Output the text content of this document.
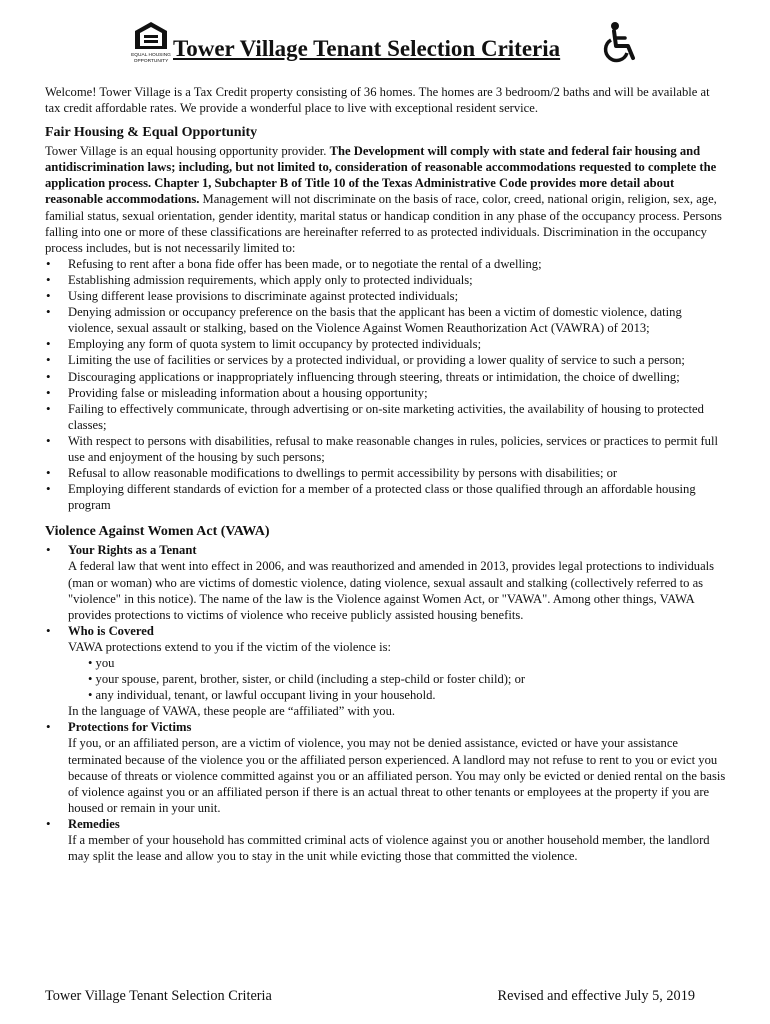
EQUAL HOUSING
OPPORTUNITY
Tower Village Tenant Selection Criteria

Welcome! Tower Village is a Tax Credit property consisting of 36 homes. The homes are 3 bedroom/2 baths and will be available at tax credit affordable rates. We provide a wonderful place to live with exceptional resident service.

Fair Housing & Equal Opportunity

Tower Village is an equal housing opportunity provider. The Development will comply with state and federal fair housing and antidiscrimination laws; including, but not limited to, consideration of reasonable accommodations requested to complete the application process. Chapter 1, Subchapter B of Title 10 of the Texas Administrative Code provides more detail about reasonable accommodations. Management will not discriminate on the basis of race, color, creed, national origin, religion, sex, age, familial status, sexual orientation, gender identity, marital status or handicap condition in any phase of the occupancy process. Persons falling into one or more of these classifications are hereinafter referred to as protected individuals. Discrimination in the occupancy process includes, but is not necessarily limited to:

• Refusing to rent after a bona fide offer has been made, or to negotiate the rental of a dwelling;
• Establishing admission requirements, which apply only to protected individuals;
• Using different lease provisions to discriminate against protected individuals;
• Denying admission or occupancy preference on the basis that the applicant has been a victim of domestic violence, dating violence, sexual assault or stalking, based on the Violence Against Women Reauthorization Act (VAWRA) of 2013;
• Employing any form of quota system to limit occupancy by protected individuals;
• Limiting the use of facilities or services by a protected individual, or providing a lower quality of service to such a person;
• Discouraging applications or inappropriately influencing through steering, threats or intimidation, the choice of dwelling;
• Providing false or misleading information about a housing opportunity;
• Failing to effectively communicate, through advertising or on-site marketing activities, the availability of housing to protected classes;
• With respect to persons with disabilities, refusal to make reasonable changes in rules, policies, services or practices to permit full use and enjoyment of the housing by such persons;
• Refusal to allow reasonable modifications to dwellings to permit accessibility by persons with disabilities; or
• Employing different standards of eviction for a member of a protected class or those qualified through an affordable housing program
Violence Against Women Act (VAWA)
• Your Rights as a Tenant
A federal law that went into effect in 2006, and was reauthorized and amended in 2013, provides legal protections to individuals (man or woman) who are victims of domestic violence, dating violence, sexual assault and stalking (collectively referred to as "violence" in this notice). The name of the law is the Violence against Women Act, or "VAWA". Among other things, VAWA provides protections to victims of violence who receive publicly assisted housing benefits.
• Who is Covered
VAWA protections extend to you if the victim of the violence is:
• you
• your spouse, parent, brother, sister, or child (including a step-child or foster child); or
• any individual, tenant, or lawful occupant living in your household.
In the language of VAWA, these people are “affiliated” with you.
• Protections for Victims
If you, or an affiliated person, are a victim of violence, you may not be denied assistance, evicted or have your assistance terminated because of the violence you or the affiliated person experienced. A landlord may not refuse to rent to you or evict you because of threats or violence committed against you or an affiliated person. You may only be evicted or denied rental on the basis of violence against you or an affiliated person if there is an actual threat to other tenants or employees at the property if you are housed or remain in your unit.
• Remedies
If a member of your household has committed criminal acts of violence against you or another household member, the landlord may split the lease and allow you to stay in the unit while evicting those that committed the violence.
Tower Village Tenant Selection Criteria	Revised and effective July 5, 2019
